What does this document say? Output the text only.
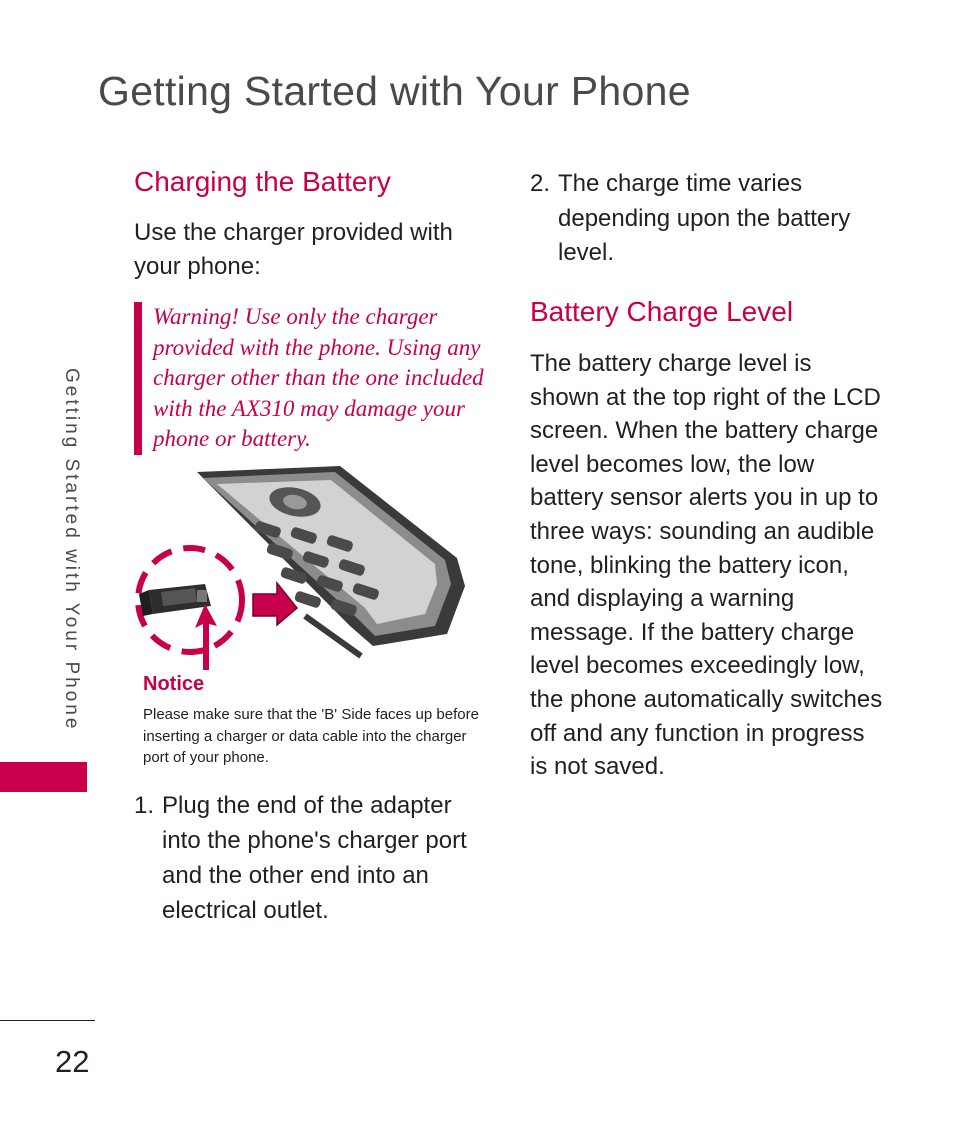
Getting Started with Your Phone
Getting Started with Your Phone
Charging the Battery

Use the charger provided with your phone:

Warning! Use only the charger provided with the phone. Using any charger other than the one included with the AX310 may damage your phone or battery.
Notice
Please make sure that the 'B' Side faces up before inserting a charger or data cable into the charger port of your phone.
1. Plug the end of the adapter into the phone's charger port and the other end into an electrical outlet.
2. The charge time varies depending upon the battery level.
Battery Charge Level

The battery charge level is shown at the top right of the LCD screen. When the battery charge level becomes low, the low battery sensor alerts you in up to three ways: sounding an audible tone, blinking the battery icon, and displaying a warning message. If the battery charge level becomes exceedingly low, the phone automatically switches off and any function in progress is not saved.

22
